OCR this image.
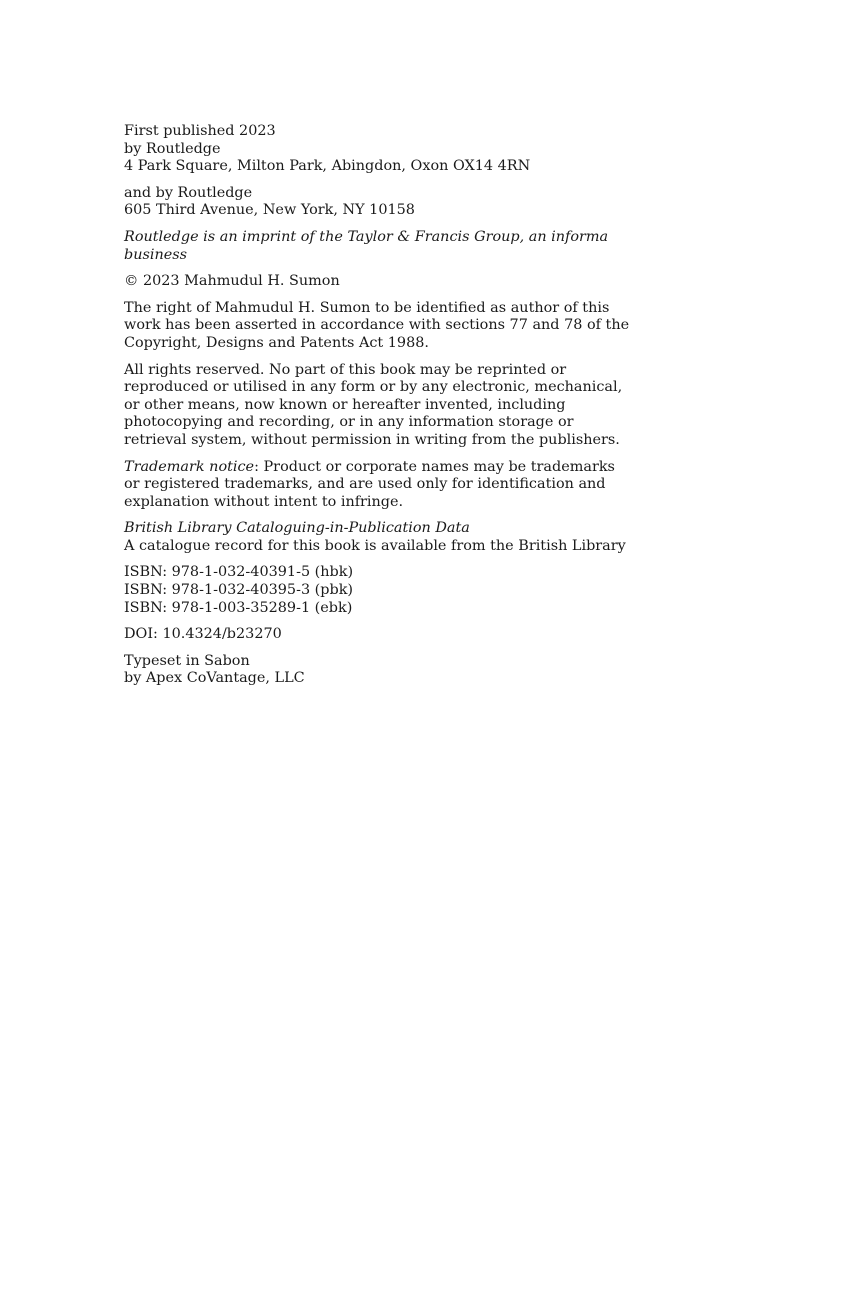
First published 2023
by Routledge
4 Park Square, Milton Park, Abingdon, Oxon OX14 4RN

and by Routledge
605 Third Avenue, New York, NY 10158

Routledge is an imprint of the Taylor & Francis Group, an informa
business

© 2023 Mahmudul H. Sumon

The right of Mahmudul H. Sumon to be identified as author of this
work has been asserted in accordance with sections 77 and 78 of the
Copyright, Designs and Patents Act 1988.

All rights reserved. No part of this book may be reprinted or
reproduced or utilised in any form or by any electronic, mechanical,
or other means, now known or hereafter invented, including
photocopying and recording, or in any information storage or
retrieval system, without permission in writing from the publishers.

Trademark notice: Product or corporate names may be trademarks
or registered trademarks, and are used only for identification and
explanation without intent to infringe.

British Library Cataloguing-in-Publication Data
A catalogue record for this book is available from the British Library

ISBN: 978-1-032-40391-5 (hbk)
ISBN: 978-1-032-40395-3 (pbk)
ISBN: 978-1-003-35289-1 (ebk)

DOI: 10.4324/b23270

Typeset in Sabon
by Apex CoVantage, LLC
